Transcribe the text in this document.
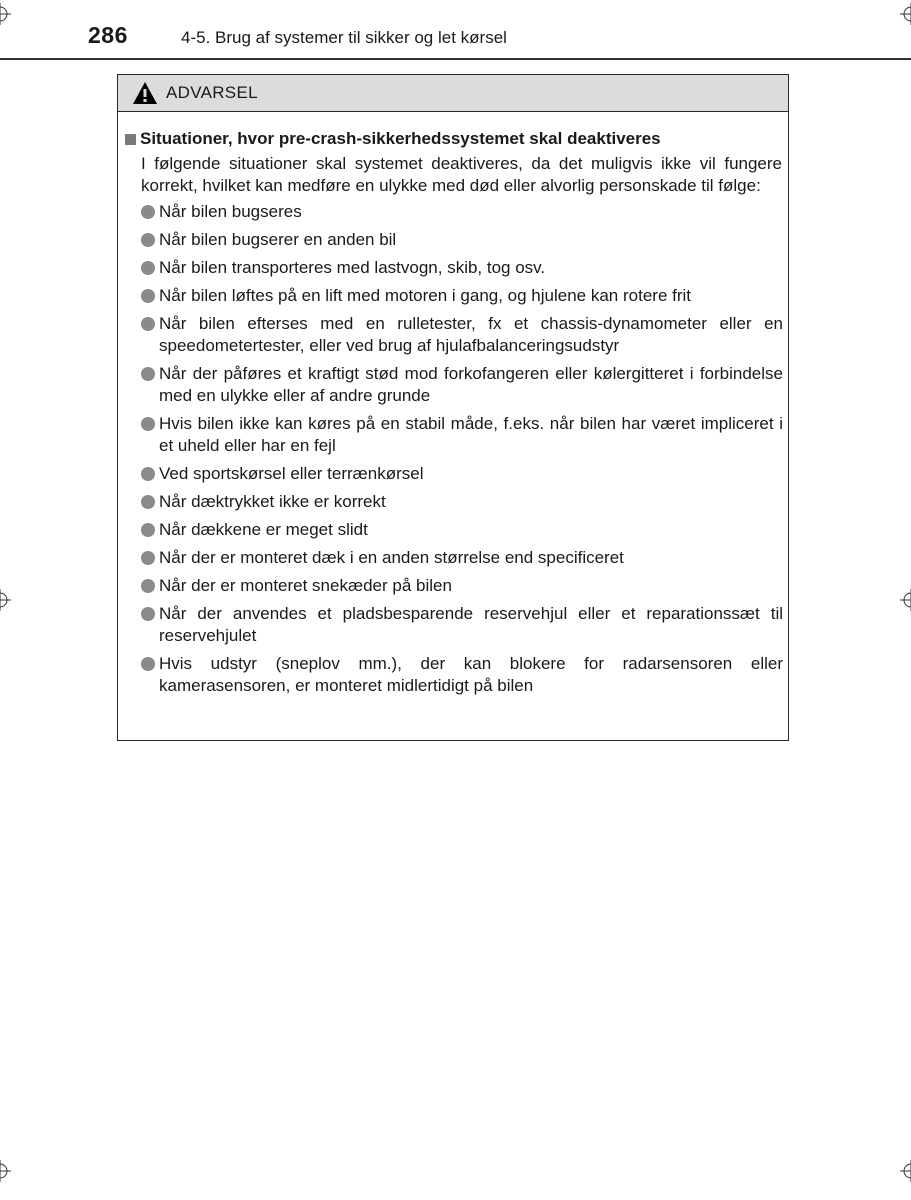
286	4-5. Brug af systemer til sikker og let kørsel
ADVARSEL
Situationer, hvor pre-crash-sikkerhedssystemet skal deaktiveres
I følgende situationer skal systemet deaktiveres, da det muligvis ikke vil fungere korrekt, hvilket kan medføre en ulykke med død eller alvorlig personskade til følge:
Når bilen bugseres
Når bilen bugserer en anden bil
Når bilen transporteres med lastvogn, skib, tog osv.
Når bilen løftes på en lift med motoren i gang, og hjulene kan rotere frit
Når bilen efterses med en rulletester, fx et chassis-dynamometer eller en speedometertester, eller ved brug af hjulafbalanceringsudstyr
Når der påføres et kraftigt stød mod forkofangeren eller kølergitteret i forbindelse med en ulykke eller af andre grunde
Hvis bilen ikke kan køres på en stabil måde, f.eks. når bilen har været impliceret i et uheld eller har en fejl
Ved sportskørsel eller terrænkørsel
Når dæktrykket ikke er korrekt
Når dækkene er meget slidt
Når der er monteret dæk i en anden størrelse end specificeret
Når der er monteret snekæder på bilen
Når der anvendes et pladsbesparende reservehjul eller et reparationssæt til reservehjulet
Hvis udstyr (sneplov mm.), der kan blokere for radarsensoren eller kamerasensoren, er monteret midlertidigt på bilen
